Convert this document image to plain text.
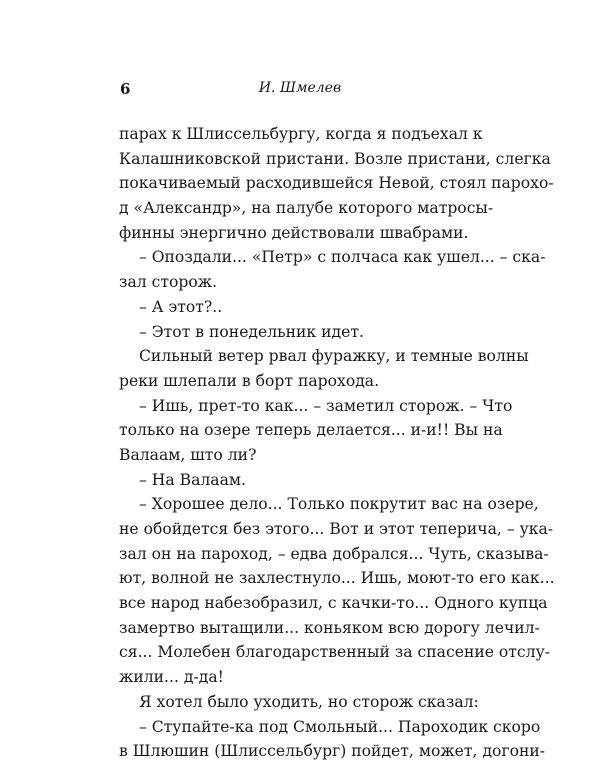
6	И. Шмелев

парах к Шлиссельбургу, когда я подъехал к
Калашниковской пристани. Возле пристани, слегка
покачиваемый расходившейся Невой, стоял парохо-
д «Александр», на палубе которого матросы-
финны энергично действовали швабрами.
– Опоздали... «Петр» с полчаса как ушел... – ска-
зал сторож.
– А этот?..
– Этот в понедельник идет.
Сильный ветер рвал фуражку, и темные волны
реки шлепали в борт парохода.
– Ишь, прет-то как... – заметил сторож. – Что
только на озере теперь делается... и-и!! Вы на
Валаам, што ли?
– На Валаам.
– Хорошее дело... Только покрутит вас на озере,
не обойдется без этого... Вот и этот теперича, – ука-
зал он на пароход, – едва добрался... Чуть, сказыва-
ют, волной не захлестнуло... Ишь, моют-то его как...
все народ набезобразил, с качки-то... Одного купца
замертво вытащили... коньяком всю дорогу лечил-
ся... Молебен благодарственный за спасение отслу-
жили... д-да!
Я хотел было уходить, но сторож сказал:
– Ступайте-ка под Смольный... Пароходик скоро
в Шлюшин (Шлиссельбург) пойдет, может, догони-
